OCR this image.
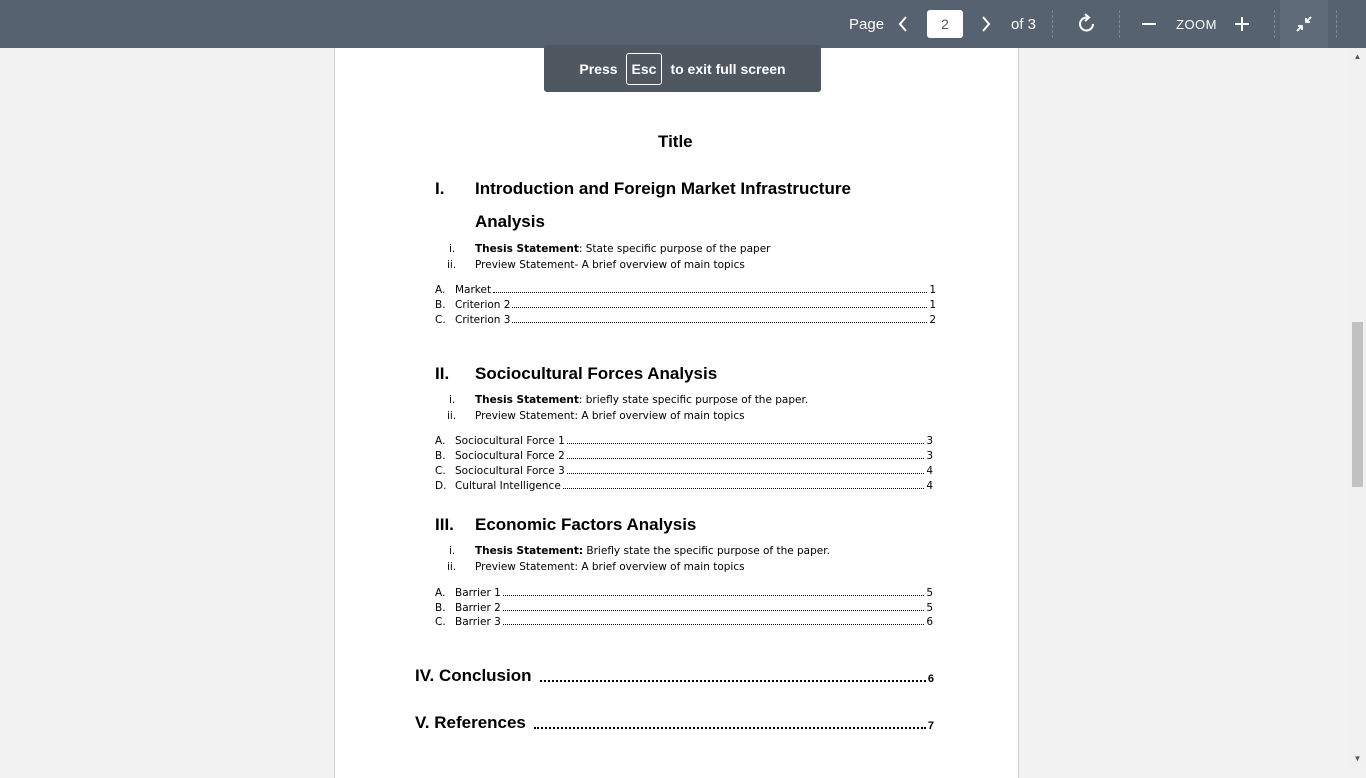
Page	2	of 3	ZOOM
Title
I. Introduction and Foreign Market Infrastructure
Analysis
i. Thesis Statement: State specific purpose of the paper
ii. Preview Statement- A brief overview of main topics
A. Market	1
B. Criterion 2	1
C. Criterion 3	2
II. Sociocultural Forces Analysis
i. Thesis Statement: briefly state specific purpose of the paper.
ii. Preview Statement: A brief overview of main topics
A. Sociocultural Force 1	3
B. Sociocultural Force 2	3
C. Sociocultural Force 3	4
D. Cultural Intelligence	4
III. Economic Factors Analysis
i. Thesis Statement: Briefly state the specific purpose of the paper.
ii. Preview Statement: A brief overview of main topics
A. Barrier 1	5
B. Barrier 2	5
C. Barrier 3	6
IV. Conclusion	6
V. References	7
Press	Esc	to exit full screen
▲
▼
